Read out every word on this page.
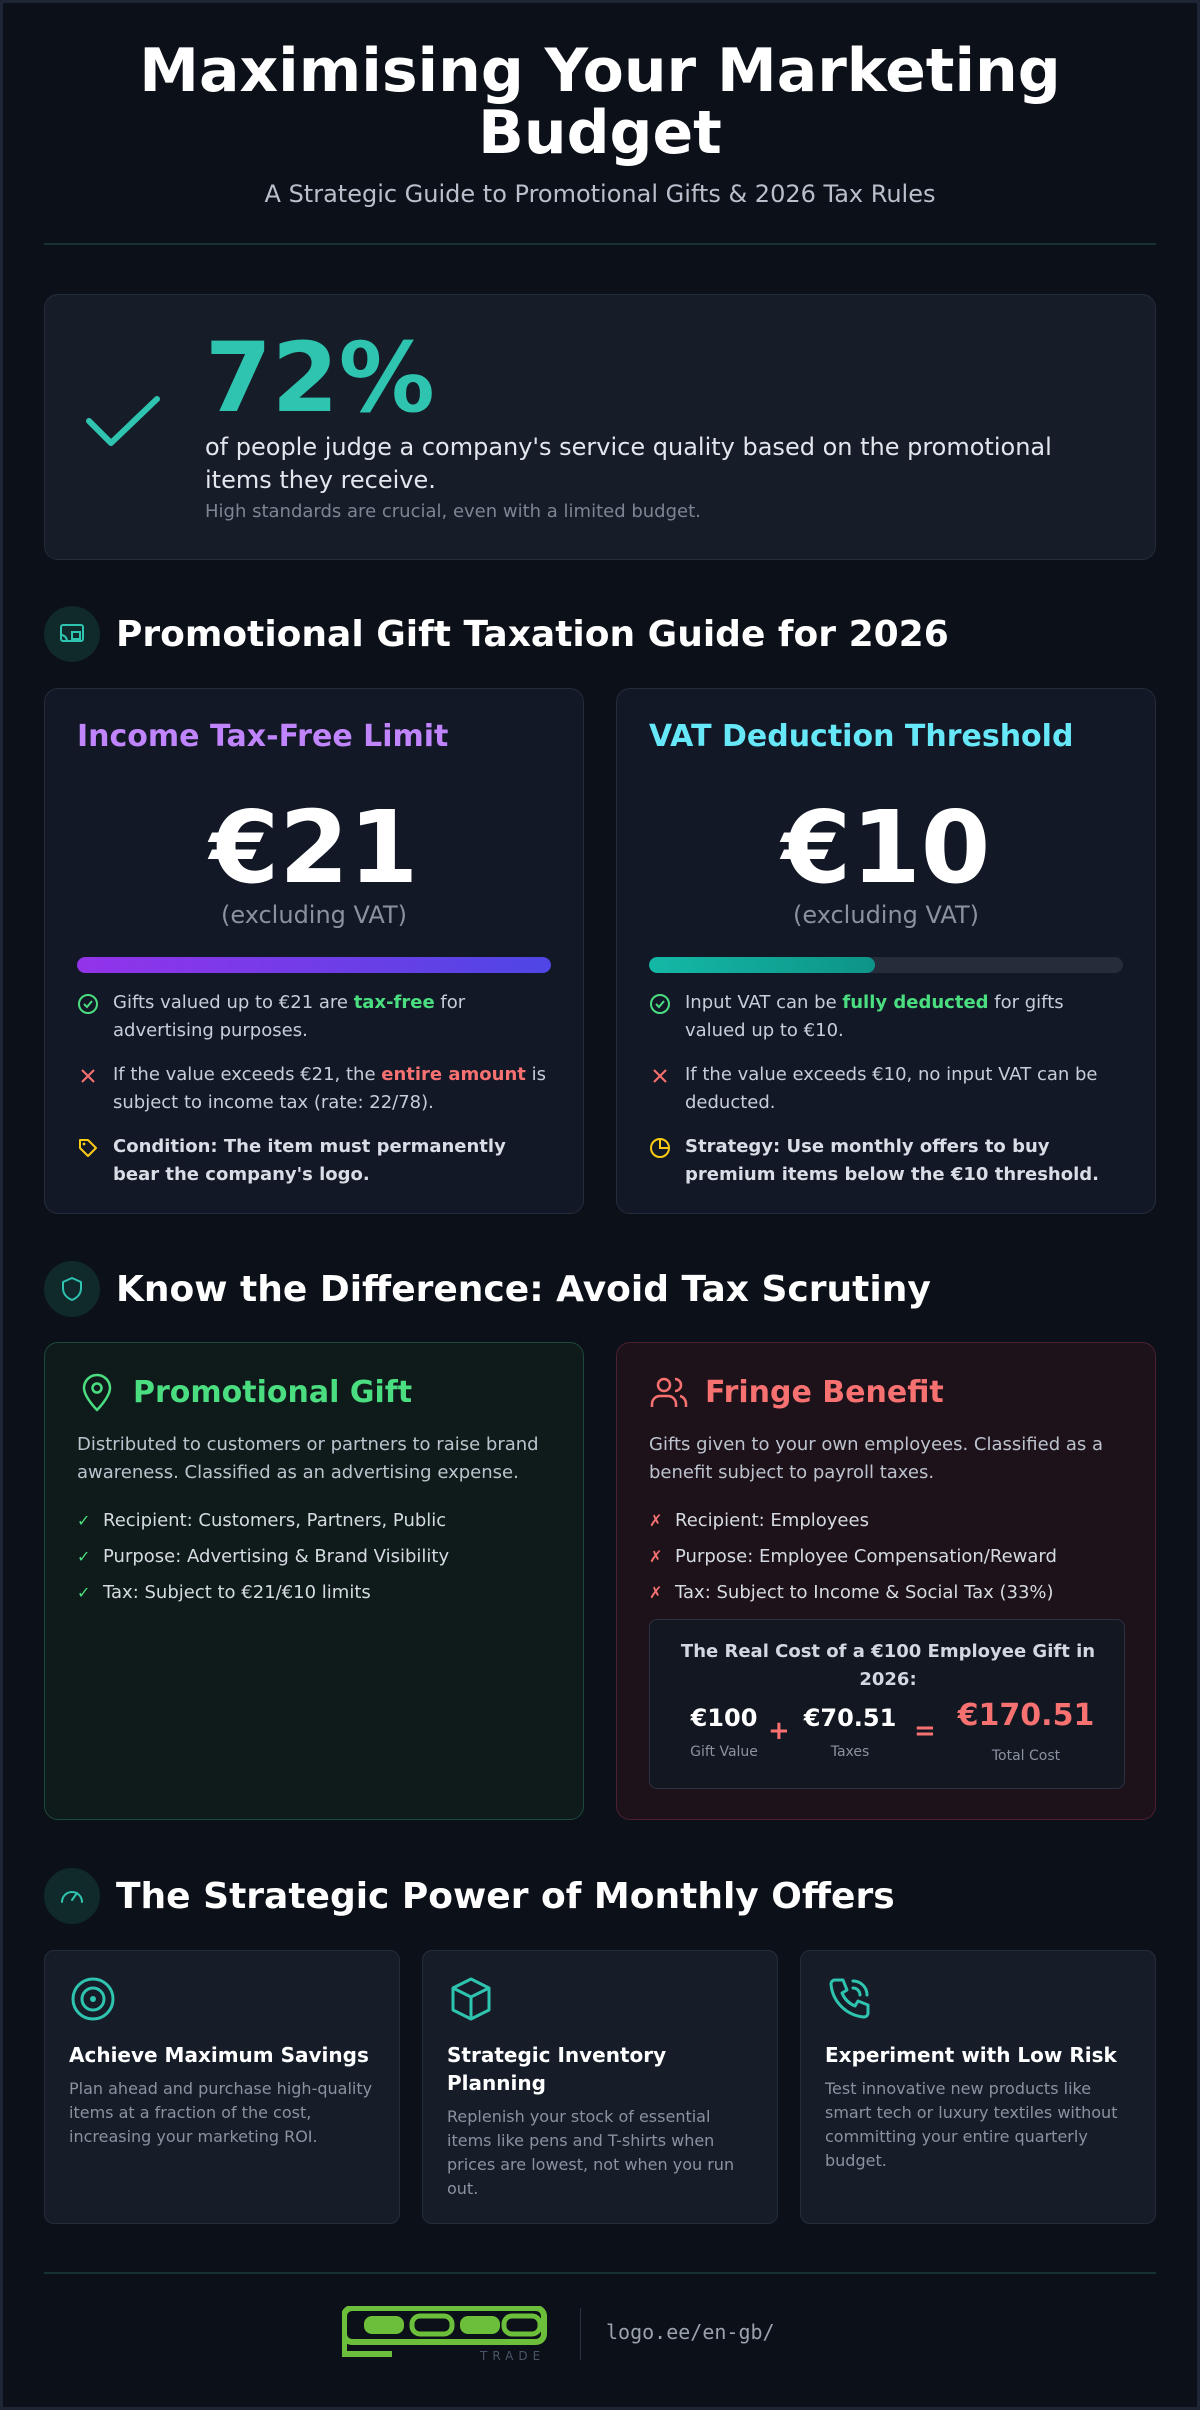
Maximising Your Marketing
Budget
A Strategic Guide to Promotional Gifts & 2026 Tax Rules
72%
of people judge a company's service quality based on the promotional items they receive.
High standards are crucial, even with a limited budget.
Promotional Gift Taxation Guide for 2026
Income Tax-Free Limit
€21
(excluding VAT)
Gifts valued up to €21 are tax-free for advertising purposes.
If the value exceeds €21, the entire amount is subject to income tax (rate: 22/78).
Condition: The item must permanently bear the company's logo.
VAT Deduction Threshold
€10
(excluding VAT)
Input VAT can be fully deducted for gifts valued up to €10.
If the value exceeds €10, no input VAT can be deducted.
Strategy: Use monthly offers to buy premium items below the €10 threshold.
Know the Difference: Avoid Tax Scrutiny
Promotional Gift
Distributed to customers or partners to raise brand awareness. Classified as an advertising expense.
✓ Recipient: Customers, Partners, Public
✓ Purpose: Advertising & Brand Visibility
✓ Tax: Subject to €21/€10 limits
Fringe Benefit
Gifts given to your own employees. Classified as a benefit subject to payroll taxes.
✗ Recipient: Employees
✗ Purpose: Employee Compensation/Reward
✗ Tax: Subject to Income & Social Tax (33%)
The Real Cost of a €100 Employee Gift in 2026:
€100
Gift Value
+ €70.51
Taxes
= €170.51
Total Cost
The Strategic Power of Monthly Offers
Achieve Maximum Savings
Plan ahead and purchase high-quality items at a fraction of the cost, increasing your marketing ROI.
Strategic Inventory Planning
Replenish your stock of essential items like pens and T-shirts when prices are lowest, not when you run out.
Experiment with Low Risk
Test innovative new products like smart tech or luxury textiles without committing your entire quarterly budget.
TRADE
logo.ee/en-gb/
